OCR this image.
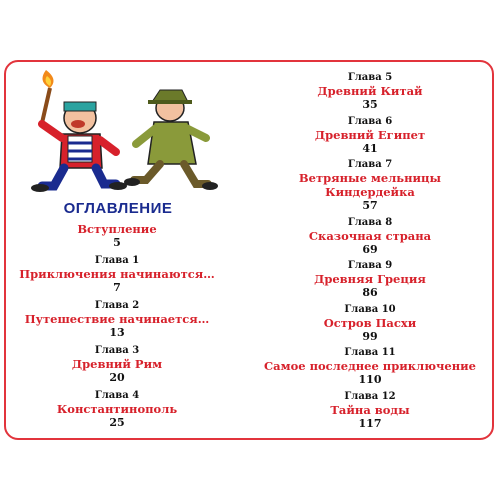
ОГЛАВЛЕНИЕ
Вступление
5
Глава 1
Приключения начинаются…
7
Глава 2
Путешествие начинается…
13
Глава 3
Древний Рим
20
Глава 4
Константинополь
25
Глава 5
Древний Китай
35
Глава 6
Древний Египет
41
Глава 7
Ветряные мельницы Киндердейка
57
Глава 8
Сказочная страна
69
Глава 9
Древняя Греция
86
Глава 10
Остров Пасхи
99
Глава 11
Самое последнее приключение
110
Глава 12
Тайна воды
117
